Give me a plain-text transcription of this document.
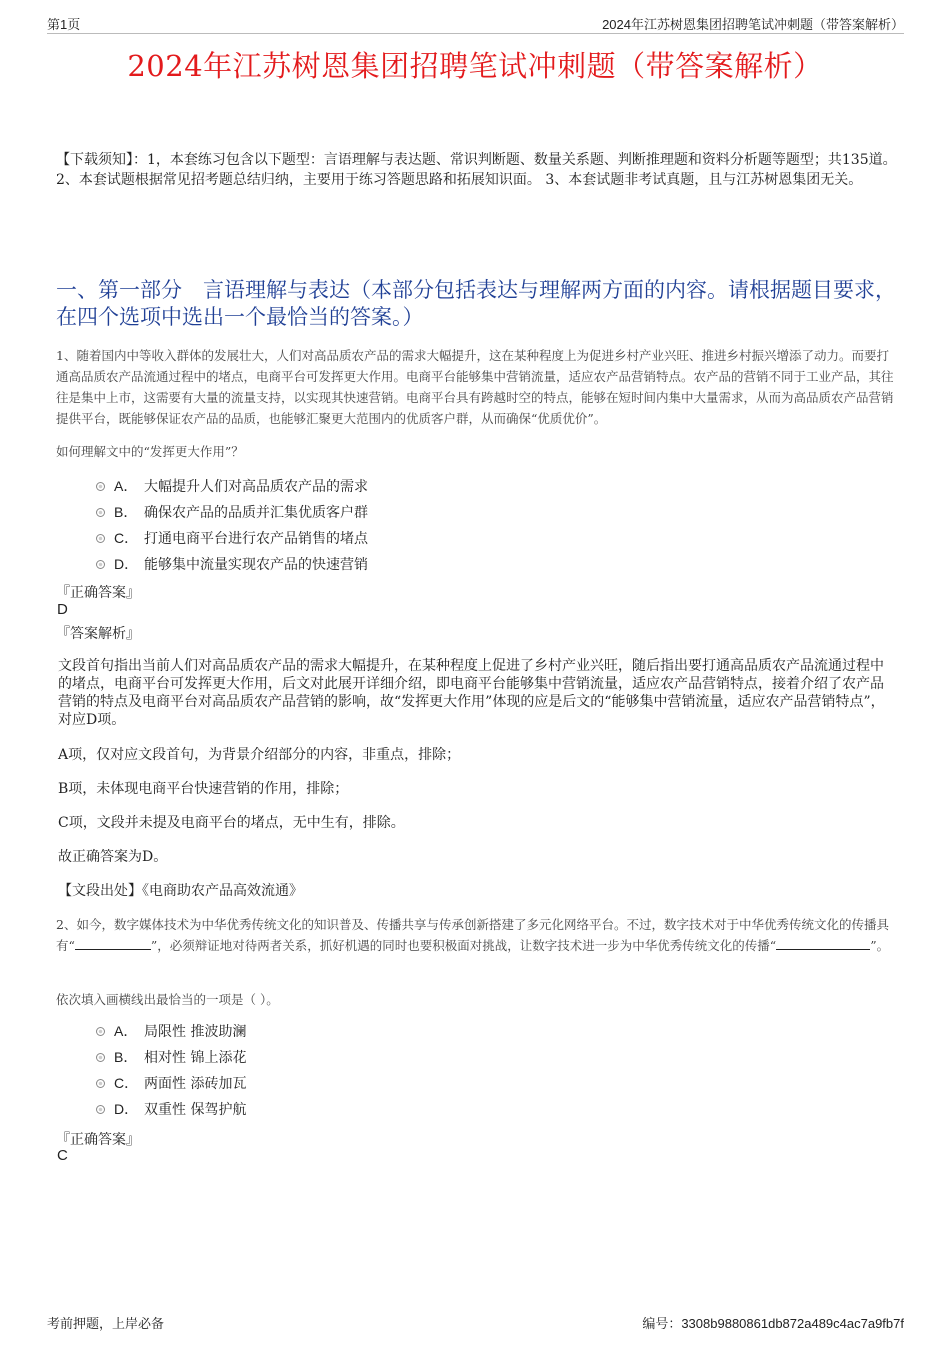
第1页	2024年江苏树恩集团招聘笔试冲刺题（带答案解析）
2024年江苏树恩集团招聘笔试冲刺题（带答案解析）
【下载须知】：1，本套练习包含以下题型：言语理解与表达题、常识判断题、数量关系题、判断推理题和资料分析题等题型；共135道。 2、本套试题根据常见招考题总结归纳，主要用于练习答题思路和拓展知识面。 3、本套试题非考试真题，且与江苏树恩集团无关。
一、第一部分　言语理解与表达（本部分包括表达与理解两方面的内容。请根据题目要求，在四个选项中选出一个最恰当的答案。）
1、随着国内中等收入群体的发展壮大，人们对高品质农产品的需求大幅提升，这在某种程度上为促进乡村产业兴旺、推进乡村振兴增添了动力。而要打通高品质农产品流通过程中的堵点，电商平台可发挥更大作用。电商平台能够集中营销流量，适应农产品营销特点。农产品的营销不同于工业产品，其往往是集中上市，这需要有大量的流量支持，以实现其快速营销。电商平台具有跨越时空的特点，能够在短时间内集中大量需求，从而为高品质农产品营销提供平台，既能够保证农产品的品质，也能够汇聚更大范围内的优质客户群，从而确保“优质优价”。
如何理解文中的“发挥更大作用”？
A． 大幅提升人们对高品质农产品的需求
B． 确保农产品的品质并汇集优质客户群
C． 打通电商平台进行农产品销售的堵点
D． 能够集中流量实现农产品的快速营销
『正确答案』
D
『答案解析』
文段首句指出当前人们对高品质农产品的需求大幅提升，在某种程度上促进了乡村产业兴旺，随后指出要打通高品质农产品流通过程中的堵点，电商平台可发挥更大作用，后文对此展开详细介绍，即电商平台能够集中营销流量，适应农产品营销特点，接着介绍了农产品营销的特点及电商平台对高品质农产品营销的影响，故“发挥更大作用”体现的应是后文的“能够集中营销流量，适应农产品营销特点”，对应D项。
A项，仅对应文段首句，为背景介绍部分的内容，非重点，排除；
B项，未体现电商平台快速营销的作用，排除；
C项，文段并未提及电商平台的堵点，无中生有，排除。
故正确答案为D。
【文段出处】《电商助农产品高效流通》
2、如今，数字媒体技术为中华优秀传统文化的知识普及、传播共享与传承创新搭建了多元化网络平台。不过，数字技术对于中华优秀传统文化的传播具有“	”，必须辩证地对待两者关系，抓好机遇的同时也要积极面对挑战，让数字技术进一步为中华优秀传统文化的传播“	”。
依次填入画横线出最恰当的一项是（ ）。
A． 局限性 推波助澜
B． 相对性 锦上添花
C． 两面性 添砖加瓦
D． 双重性 保驾护航
『正确答案』
C
考前押题，上岸必备	编号：3308b9880861db872a489c4ac7a9fb7f
